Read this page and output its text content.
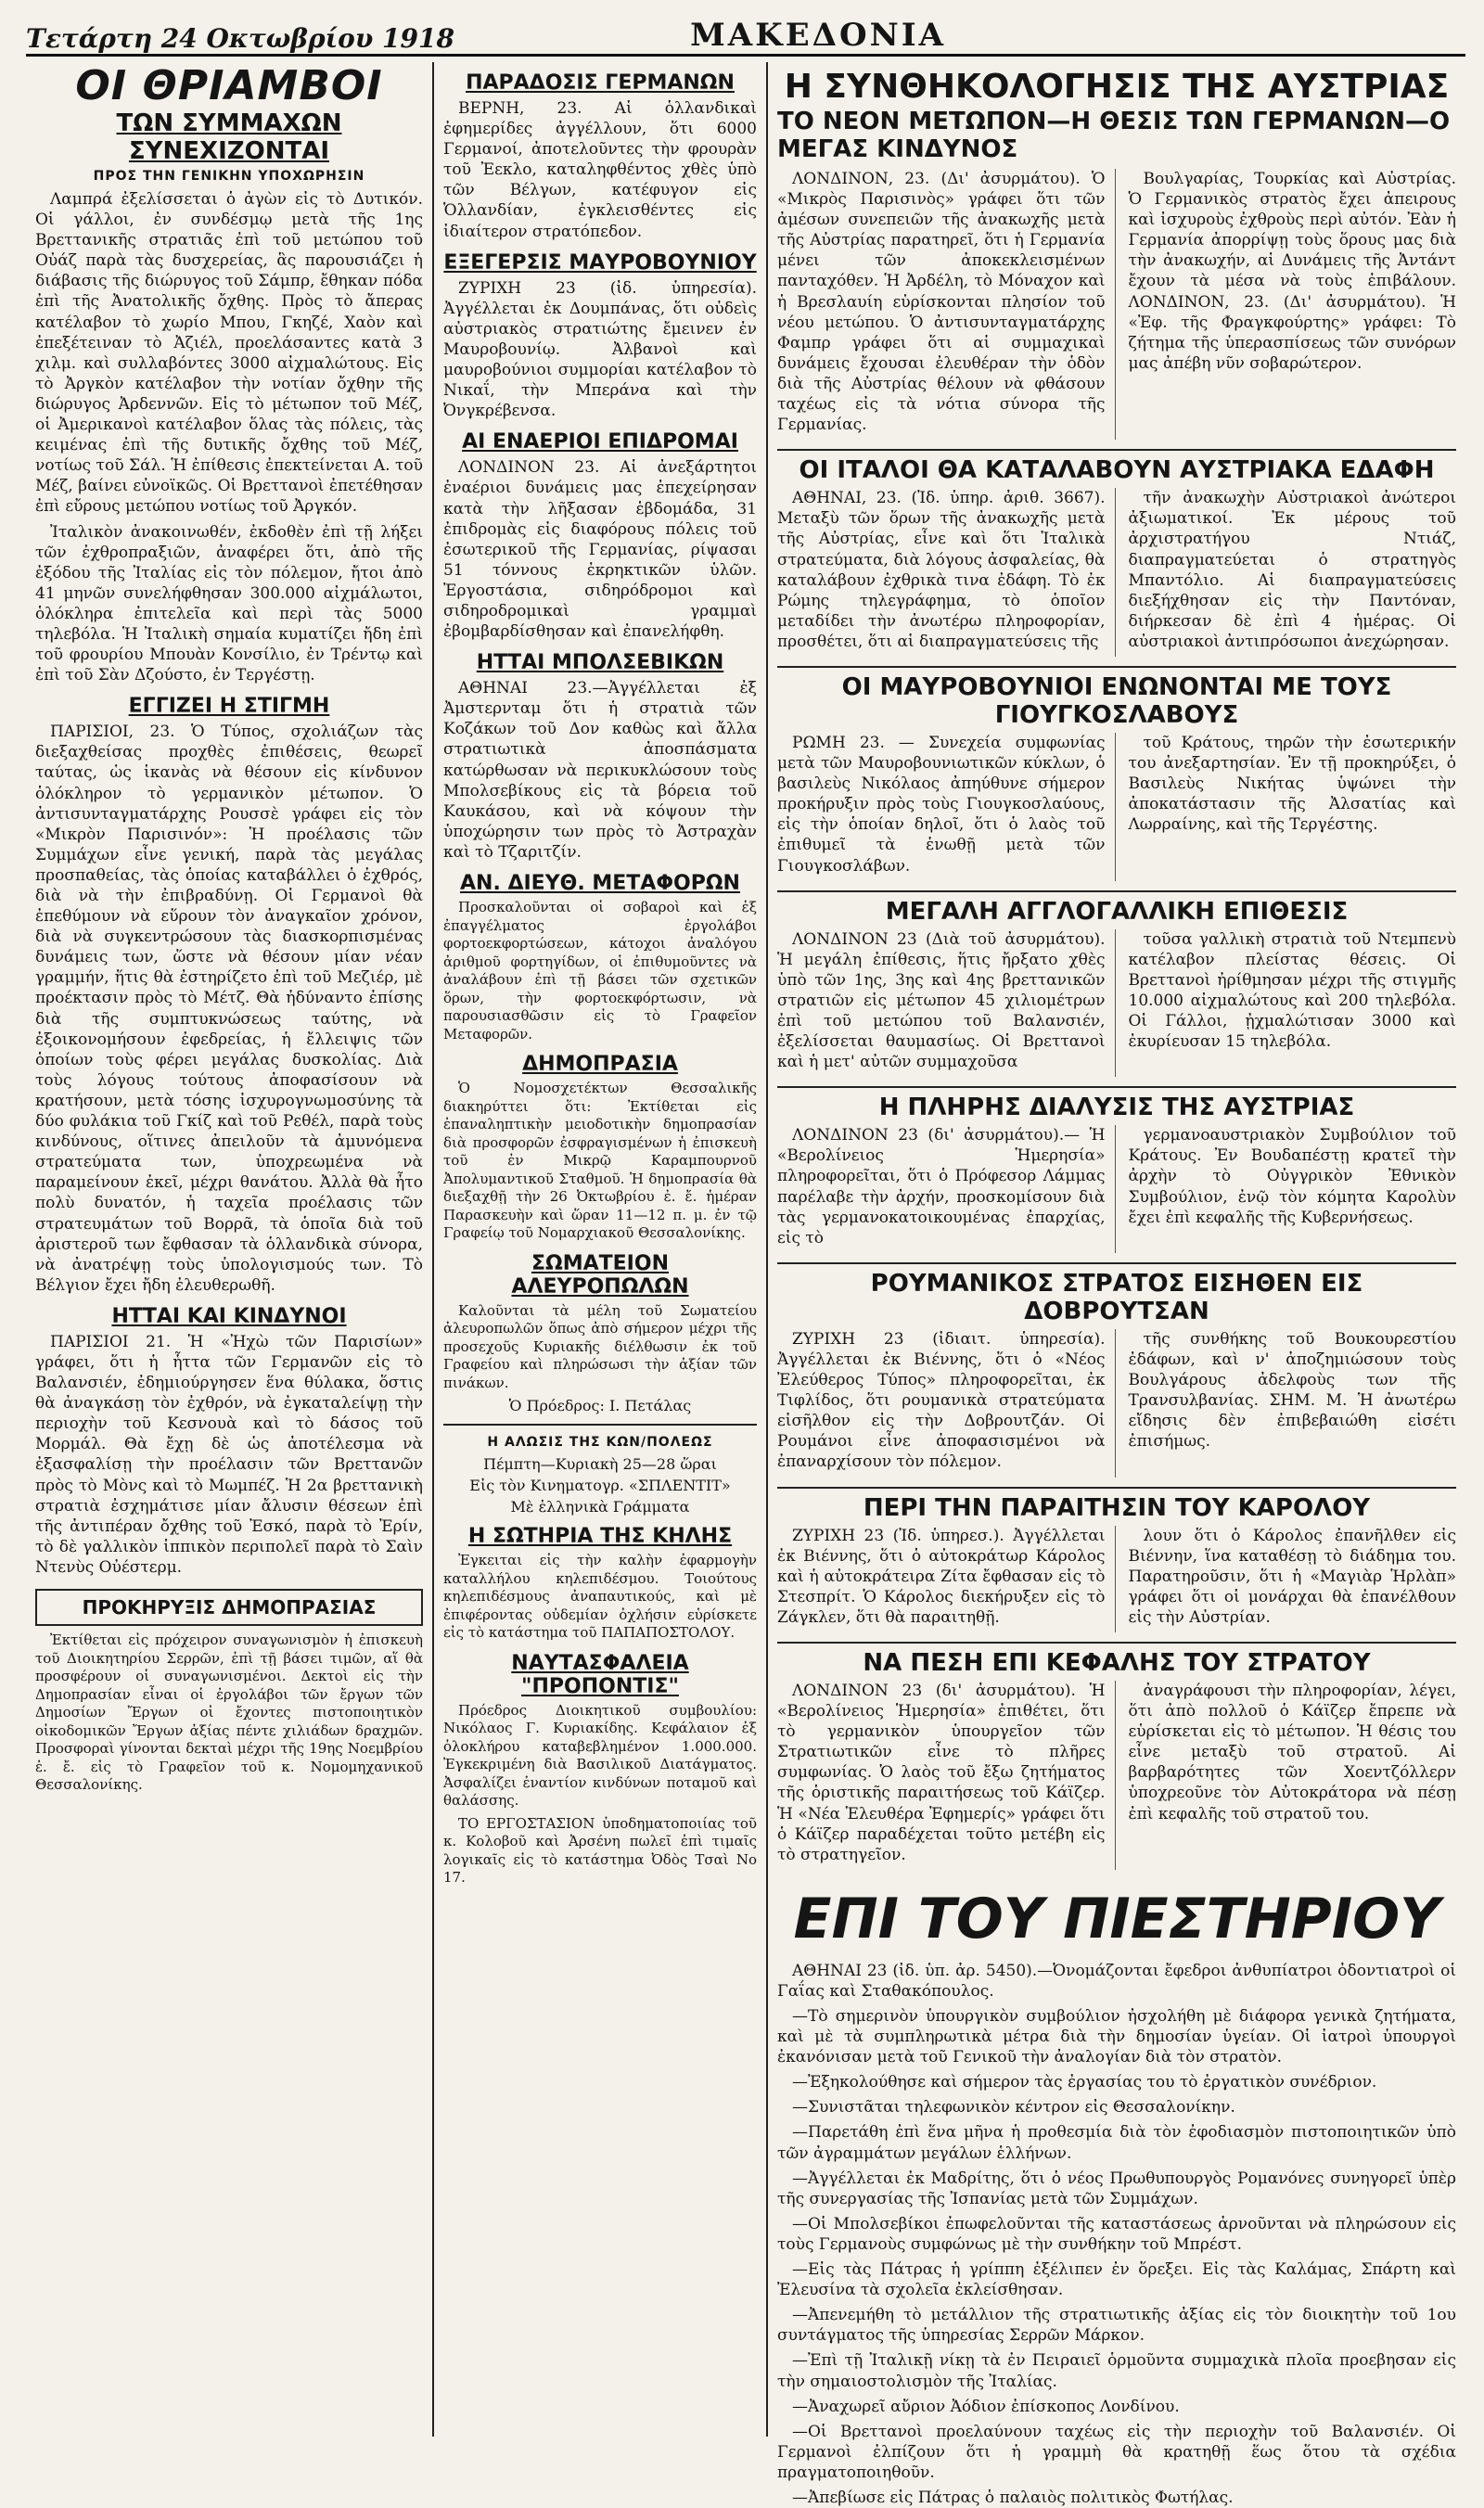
Τετάρτη 24 Οκτωβρίου 1918	ΜΑΚΕΔΟΝΙΑ
ΟΙ ΘΡΙΑΜΒΟΙ
ΤΩΝ ΣΥΜΜΑΧΩΝ ΣΥΝΕΧΙΖΟΝΤΑΙ
ΠΡΟΣ ΤΗΝ ΓΕΝΙΚΗΝ ΥΠΟΧΩΡΗΣΙΝ

Λαμπρά ἐξελίσσεται ὁ ἀγὼν εἰς τὸ Δυτικόν. Οἱ γάλλοι, ἐν συνδέσμῳ μετὰ τῆς 1ης Βρεττανικῆς στρατιᾶς ἐπὶ τοῦ μετώπου τοῦ Οὐάζ παρὰ τὰς δυσχερείας, ἃς παρουσιάζει ἡ διάβασις τῆς διώρυγος τοῦ Σάμπρ, ἔθηκαν πόδα ἐπὶ τῆς Ἀνατολικῆς ὄχθης. Πρὸς τὸ ἄπερας κατέλαβον τὸ χωρίο Μπου, Γκηζέ, Χαὸν καὶ ἐπεξέτειναν τὸ Ἀζιέλ, προελάσαντες κατὰ 3 χιλμ. καὶ συλλαβόντες 3000 αἰχμαλώτους. Εἰς τὸ Ἀργκὸν κατέλαβον τὴν νοτίαν ὄχθην τῆς διώρυγος Ἀρδεννῶν. Εἰς τὸ μέτωπον τοῦ Μέζ, οἱ Ἀμερικανοὶ κατέλαβον ὅλας τὰς πόλεις, τὰς κειμένας ἐπὶ τῆς δυτικῆς ὄχθης τοῦ Μέζ, νοτίως τοῦ Σάλ. Ἡ ἐπίθεσις ἐπεκτείνεται Α. τοῦ Μέζ, βαίνει εὐνοϊκῶς. Οἱ Βρεττανοὶ ἐπετέθησαν ἐπὶ εὔρους μετώπου νοτίως τοῦ Ἀργκόν.

Ἰταλικὸν ἀνακοινωθέν, ἐκδοθὲν ἐπὶ τῇ λήξει τῶν ἐχθροπραξιῶν, ἀναφέρει ὅτι, ἀπὸ τῆς ἐξόδου τῆς Ἰταλίας εἰς τὸν πόλεμον, ἤτοι ἀπὸ 41 μηνῶν συνελήφθησαν 300.000 αἰχμάλωτοι, ὁλόκληρα ἐπιτελεῖα καὶ περὶ τὰς 5000 τηλεβόλα. Ἡ Ἰταλικὴ σημαία κυματίζει ἤδη ἐπὶ τοῦ φρουρίου Μπουὰν Κονσίλιο, ἐν Τρέντῳ καὶ ἐπὶ τοῦ Σὰν Δζούστο, ἐν Τεργέστῃ.

ΕΓΓΙΖΕΙ Η ΣΤΙΓΜΗ

ΠΑΡΙΣΙΟΙ, 23. Ὁ Τύπος, σχολιάζων τὰς διεξαχθείσας προχθὲς ἐπιθέσεις, θεωρεῖ ταύτας, ὡς ἱκανὰς νὰ θέσουν εἰς κίνδυνον ὁλόκληρον τὸ γερμανικὸν μέτωπον. Ὁ ἀντισυνταγματάρχης Ρουσσὲ γράφει εἰς τὸν «Μικρὸν Παρισινόν»: Ἡ προέλασις τῶν Συμμάχων εἶνε γενική, παρὰ τὰς μεγάλας προσπαθείας, τὰς ὁποίας καταβάλλει ὁ ἐχθρός, διὰ νὰ τὴν ἐπιβραδύνῃ. Οἱ Γερμανοὶ θὰ ἐπεθύμουν νὰ εὕρουν τὸν ἀναγκαῖον χρόνον, διὰ νὰ συγκεντρώσουν τὰς διασκορπισμένας δυνάμεις των, ὥστε νὰ θέσουν μίαν νέαν γραμμήν, ἥτις θὰ ἐστηρίζετο ἐπὶ τοῦ Μεζιέρ, μὲ προέκτασιν πρὸς τὸ Μέτζ. Θὰ ἠδύναντο ἐπίσης διὰ τῆς συμπτυκνώσεως ταύτης, νὰ ἐξοικονομήσουν ἐφεδρείας, ἡ ἔλλειψις τῶν ὁποίων τοὺς φέρει μεγάλας δυσκολίας. Διὰ τοὺς λόγους τούτους ἀποφασίσουν νὰ κρατήσουν, μετὰ τόσης ἰσχυρογνωμοσύνης τὰ δύο φυλάκια τοῦ Γκίζ καὶ τοῦ Ρεθέλ, παρὰ τοὺς κινδύνους, οἵτινες ἀπειλοῦν τὰ ἀμυνόμενα στρατεύματα των, ὑποχρεωμένα νὰ παραμείνουν ἐκεῖ, μέχρι θανάτου. Ἀλλὰ θὰ ἦτο πολὺ δυνατόν, ἡ ταχεῖα προέλασις τῶν στρατευμάτων τοῦ Βορρᾶ, τὰ ὁποῖα διὰ τοῦ ἀριστεροῦ των ἔφθασαν τὰ ὁλλανδικὰ σύνορα, νὰ ἀνατρέψῃ τοὺς ὑπολογισμούς των. Τὸ Βέλγιον ἔχει ἤδη ἐλευθερωθῆ.

ΗΤΤΑΙ ΚΑΙ ΚΙΝΔΥΝΟΙ

ΠΑΡΙΣΙΟΙ 21. Ἡ «Ἠχὼ τῶν Παρισίων» γράφει, ὅτι ἡ ἧττα τῶν Γερμανῶν εἰς τὸ Βαλανσιέν, ἐδημιούργησεν ἕνα θύλακα, ὅστις θὰ ἀναγκάσῃ τὸν ἐχθρόν, νὰ ἐγκαταλείψῃ τὴν περιοχὴν τοῦ Κεσνουὰ καὶ τὸ δάσος τοῦ Μορμάλ. Θὰ ἔχῃ δὲ ὡς ἀποτέλεσμα νὰ ἐξασφαλίσῃ τὴν προέλασιν τῶν Βρεττανῶν πρὸς τὸ Μὸνς καὶ τὸ Μωμπέζ. Ἡ 2α βρεττανικὴ στρατιὰ ἐσχημάτισε μίαν ἄλυσιν θέσεων ἐπὶ τῆς ἀντιπέραν ὄχθης τοῦ Ἐσκό, παρὰ τὸ Ἐρίν, τὸ δὲ γαλλικὸν ἱππικὸν περιπολεῖ παρὰ τὸ Σαὶν Ντενὺς Οὐέστερμ.

ΠΡΟΚΗΡΥΞΙΣ ΔΗΜΟΠΡΑΣΙΑΣ

Ἐκτίθεται εἰς πρόχειρον συναγωνισμὸν ἡ ἐπισκευὴ τοῦ Διοικητηρίου Σερρῶν, ἐπὶ τῇ βάσει τιμῶν, αἵ θὰ προσφέρουν οἱ συναγωνισμένοι. Δεκτοὶ εἰς τὴν Δημοπρασίαν εἶναι οἱ ἐργολάβοι τῶν ἔργων τῶν Δημοσίων Ἔργων οἱ ἔχοντες πιστοποιητικὸν οἰκοδομικῶν Ἔργων ἀξίας πέντε χιλιάδων δραχμῶν. Προσφοραὶ γίνονται δεκταὶ μέχρι τῆς 19ης Νοεμβρίου ἐ. ἔ. εἰς τὸ Γραφεῖον τοῦ κ. Νομομηχανικοῦ Θεσσαλονίκης.

ΠΑΡΑΔΟΣΙΣ ΓΕΡΜΑΝΩΝ

ΒΕΡΝΗ, 23. Αἱ ὁλλανδικαὶ ἐφημερίδες ἀγγέλλουν, ὅτι 6000 Γερμανοί, ἀποτελοῦντες τὴν φρουρὰν τοῦ Ἐεκλο, καταληφθέντος χθὲς ὑπὸ τῶν Βέλγων, κατέφυγον εἰς Ὁλλανδίαν, ἐγκλεισθέντες εἰς ἰδιαίτερον στρατόπεδον.

ΕΞΕΓΕΡΣΙΣ ΜΑΥΡΟΒΟΥΝΙΟΥ

ΖΥΡΙΧΗ 23 (ἰδ. ὑπηρεσία). Ἀγγέλλεται ἐκ Δουμπάνας, ὅτι οὐδεὶς αὐστριακὸς στρατιώτης ἔμεινεν ἐν Μαυροβουνίῳ. Ἀλβανοὶ καὶ μαυροβούνιοι συμμορίαι κατέλαβον τὸ Νικαΐ, τὴν Μπεράνα καὶ τὴν Ὀνγκρέβενσα.

ΑΙ ΕΝΑΕΡΙΟΙ ΕΠΙΔΡΟΜΑΙ

ΛΟΝΔΙΝΟΝ 23. Αἱ ἀνεξάρτητοι ἐναέριοι δυνάμεις μας ἐπεχείρησαν κατὰ τὴν λῆξασαν ἑβδομάδα, 31 ἐπιδρομὰς εἰς διαφόρους πόλεις τοῦ ἐσωτερικοῦ τῆς Γερμανίας, ρίψασαι 51 τόννους ἐκρηκτικῶν ὑλῶν. Ἐργοστάσια, σιδηρόδρομοι καὶ σιδηροδρομικαὶ γραμμαὶ ἐβομβαρδίσθησαν καὶ ἐπανελήφθη.

ΗΤΤΑΙ ΜΠΟΛΣΕΒΙΚΩΝ

ΑΘΗΝΑΙ 23.—Ἀγγέλλεται ἐξ Ἀμστερνταμ ὅτι ἡ στρατιὰ τῶν Κοζάκων τοῦ Δον καθὼς καὶ ἄλλα στρατιωτικὰ ἀποσπάσματα κατώρθωσαν νὰ περικυκλώσουν τοὺς Μπολσεβίκους εἰς τὰ βόρεια τοῦ Καυκάσου, καὶ νὰ κόψουν τὴν ὑποχώρησιν των πρὸς τὸ Ἀστραχὰν καὶ τὸ Τζαριτζίν.

ΑΝ. ΔΙΕΥΘ. ΜΕΤΑΦΟΡΩΝ

Προσκαλοῦνται οἱ σοβαροὶ καὶ ἐξ ἐπαγγέλματος ἐργολάβοι φορτοεκφορτώσεων, κάτοχοι ἀναλόγου ἀριθμοῦ φορτηγίδων, οἱ ἐπιθυμοῦντες νὰ ἀναλάβουν ἐπὶ τῇ βάσει τῶν σχετικῶν ὅρων, τὴν φορτοεκφόρτωσιν, νὰ παρουσιασθῶσιν εἰς τὸ Γραφεῖον Μεταφορῶν.

ΔΗΜΟΠΡΑΣΙΑ

Ὁ Νομοσχετέκτων Θεσσαλικῆς διακηρύττει ὅτι: Ἐκτίθεται εἰς ἐπαναληπτικὴν μειοδοτικὴν δημοπρασίαν διὰ προσφορῶν ἐσφραγισμένων ἡ ἐπισκευὴ τοῦ ἐν Μικρῷ Καραμπουρνοῦ Ἀπολυμαντικοῦ Σταθμοῦ. Ἡ δημοπρασία θὰ διεξαχθῇ τὴν 26 Ὀκτωβρίου ἐ. ἔ. ἡμέραν Παρασκευὴν καὶ ὥραν 11—12 π. μ. ἐν τῷ Γραφείῳ τοῦ Νομαρχιακοῦ Θεσσαλονίκης.

ΣΩΜΑΤΕΙΟΝ ΑΛΕΥΡΟΠΩΛΩΝ

Καλοῦνται τὰ μέλη τοῦ Σωματείου ἀλευροπωλῶν ὅπως ἀπὸ σήμερον μέχρι τῆς προσεχοῦς Κυριακῆς διέλθωσιν ἐκ τοῦ Γραφείου καὶ πληρώσωσι τὴν ἀξίαν τῶν πινάκων.

Ὁ Πρόεδρος: Ι. Πετάλας
Η ΑΛΩΣΙΣ ΤΗΣ ΚΩΝ/ΠΟΛΕΩΣ
Πέμπτη—Κυριακὴ 25—28 ὥραι
Εἰς τὸν Κινηματογρ. «ΣΠΛΕΝΤΙΤ»
Μὲ ἑλληνικὰ Γράμματα
Η ΣΩΤΗΡΙΑ ΤΗΣ ΚΗΛΗΣ

Ἐγκειται εἰς τὴν καλὴν ἐφαρμογὴν καταλλήλου κηλεπιδέσμου. Τοιούτους κηλεπιδέσμους ἀναπαυτικούς, καὶ μὲ ἐπιφέροντας οὐδεμίαν ὀχλήσιν εὑρίσκετε εἰς τὸ κατάστημα τοῦ ΠΑΠΑΠΟΣΤΟΛΟΥ.

ΝΑΥΤΑΣΦΑΛΕΙΑ "ΠΡΟΠΟΝΤΙΣ"

Πρόεδρος Διοικητικοῦ συμβουλίου: Νικόλαος Γ. Κυριακίδης. Κεφάλαιον ἐξ ὁλοκλήρου καταβεβλημένον 1.000.000. Ἐγκεκριμένη διὰ Βασιλικοῦ Διατάγματος. Ἀσφαλίζει ἐναντίον κινδύνων ποταμοῦ καὶ θαλάσσης.

ΤΟ ΕΡΓΟΣΤΑΣΙΟΝ ὑποδηματοποιίας τοῦ κ. Κολοβοῦ καὶ Ἀρσένη πωλεῖ ἐπὶ τιμαῖς λογικαῖς εἰς τὸ κατάστημα Ὀδὸς Τσαὶ Νο 17.

Η ΣΥΝΘΗΚΟΛΟΓΗΣΙΣ ΤΗΣ ΑΥΣΤΡΙΑΣ
ΤΟ ΝΕΟΝ ΜΕΤΩΠΟΝ—Η ΘΕΣΙΣ ΤΩΝ ΓΕΡΜΑΝΩΝ—Ο ΜΕΓΑΣ ΚΙΝΔΥΝΟΣ

ΛΟΝΔΙΝΟΝ, 23. (Δι' ἀσυρμάτου). Ὁ «Μικρὸς Παρισινὸς» γράφει ὅτι τῶν ἀμέσων συνεπειῶν τῆς ἀνακωχῆς μετὰ τῆς Αὐστρίας παρατηρεῖ, ὅτι ἡ Γερμανία μένει τῶν ἀποκεκλεισμένων πανταχόθεν. Ἡ Ἀρδέλη, τὸ Μόναχον καὶ ἡ Βρεσλαυίη εὑρίσκονται πλησίον τοῦ νέου μετώπου. Ὁ ἀντισυνταγματάρχης Φαμπρ γράφει ὅτι αἱ συμμαχικαὶ δυνάμεις ἔχουσαι ἐλευθέραν τὴν ὁδὸν διὰ τῆς Αὐστρίας θέλουν νὰ φθάσουν ταχέως εἰς τὰ νότια σύνορα τῆς Γερμανίας.

Βουλγαρίας, Τουρκίας καὶ Αὐστρίας. Ὁ Γερμανικὸς στρατὸς ἔχει ἀπειρους καὶ ἰσχυροὺς ἐχθροὺς περὶ αὐτόν. Ἐὰν ἡ Γερμανία ἀπορρίψῃ τοὺς ὅρους μας διὰ τὴν ἀνακωχήν, αἱ Δυνάμεις τῆς Ἀντάντ ἔχουν τὰ μέσα νὰ τοὺς ἐπιβάλουν. ΛΟΝΔΙΝΟΝ, 23. (Δι' ἀσυρμάτου). Ἡ «Ἐφ. τῆς Φραγκφούρτης» γράφει: Τὸ ζήτημα τῆς ὑπερασπίσεως τῶν συνόρων μας ἀπέβη νῦν σοβαρώτερον.

ΟΙ ΙΤΑΛΟΙ ΘΑ ΚΑΤΑΛΑΒΟΥΝ ΑΥΣΤΡΙΑΚΑ ΕΔΑΦΗ

ΑΘΗΝΑΙ, 23. (Ἰδ. ὑπηρ. ἀριθ. 3667). Μεταξὺ τῶν ὅρων τῆς ἀνακωχῆς μετὰ τῆς Αὐστρίας, εἶνε καὶ ὅτι Ἰταλικὰ στρατεύματα, διὰ λόγους ἀσφαλείας, θὰ καταλάβουν ἐχθρικὰ τινα ἐδάφη. Τὸ ἐκ Ρώμης τηλεγράφημα, τὸ ὁποῖον μεταδίδει τὴν ἀνωτέρω πληροφορίαν, προσθέτει, ὅτι αἱ διαπραγματεύσεις τῆς

τῆν ἀνακωχὴν Αὐστριακοὶ ἀνώτεροι ἀξιωματικοί. Ἐκ μέρους τοῦ ἀρχιστρατήγου Ντιάζ, διαπραγματεύεται ὁ στρατηγὸς Μπαντόλιο. Αἱ διαπραγματεύσεις διεξήχθησαν εἰς τὴν Παντόναν, διήρκεσαν δὲ ἐπὶ 4 ἡμέρας. Οἱ αὐστριακοὶ ἀντιπρόσωποι ἀνεχώρησαν.

ΟΙ ΜΑΥΡΟΒΟΥΝΙΟΙ ΕΝΩΝΟΝΤΑΙ ΜΕ ΤΟΥΣ ΓΙΟΥΓΚΟΣΛΑΒΟΥΣ

ΡΩΜΗ 23. — Συνεχεία συμφωνίας μετὰ τῶν Μαυροβουνιωτικῶν κύκλων, ὁ βασιλεὺς Νικόλαος ἀπηύθυνε σήμερον προκήρυξιν πρὸς τοὺς Γιουγκοσλαύους, εἰς τὴν ὁποίαν δηλοῖ, ὅτι ὁ λαὸς τοῦ ἐπιθυμεῖ τὰ ἑνωθῇ μετὰ τῶν Γιουγκοσλάβων.

τοῦ Κράτους, τηρῶν τὴν ἐσωτερικήν του ἀνεξαρτησίαν. Ἐν τῇ προκηρύξει, ὁ Βασιλεὺς Νικήτας ὑψώνει τὴν ἀποκατάστασιν τῆς Ἀλσατίας καὶ Λωρραίνης, καὶ τῆς Τεργέστης.

ΜΕΓΑΛΗ ΑΓΓΛΟΓΑΛΛΙΚΗ ΕΠΙΘΕΣΙΣ

ΛΟΝΔΙΝΟΝ 23 (Διὰ τοῦ ἀσυρμάτου). Ἡ μεγάλη ἐπίθεσις, ἥτις ἤρξατο χθὲς ὑπὸ τῶν 1ης, 3ης καὶ 4ης βρεττανικῶν στρατιῶν εἰς μέτωπον 45 χιλιομέτρων ἐπὶ τοῦ μετώπου τοῦ Βαλανσιέν, ἐξελίσσεται θαυμασίως. Οἱ Βρεττανοὶ καὶ ἡ μετ' αὐτῶν συμμαχοῦσα

τοῦσα γαλλικὴ στρατιὰ τοῦ Ντεμπενὺ κατέλαβον πλείστας θέσεις. Οἱ Βρεττανοὶ ἠρίθμησαν μέχρι τῆς στιγμῆς 10.000 αἰχμαλώτους καὶ 200 τηλεβόλα. Οἱ Γάλλοι, ᾐχμαλώτισαν 3000 καὶ ἐκυρίευσαν 15 τηλεβόλα.

Η ΠΛΗΡΗΣ ΔΙΑΛΥΣΙΣ ΤΗΣ ΑΥΣΤΡΙΑΣ

ΛΟΝΔΙΝΟΝ 23 (δι' ἀσυρμάτου).— Ἡ «Βερολίνειος Ἡμερησία» πληροφορεῖται, ὅτι ὁ Πρόφεσορ Λάμμας παρέλαβε τὴν ἀρχήν, προσκομίσουν διὰ τὰς γερμανοκατοικουμένας ἐπαρχίας, εἰς τὸ

γερμανοαυστριακὸν Συμβούλιον τοῦ Κράτους. Ἐν Βουδαπέστῃ κρατεῖ τὴν ἀρχὴν τὸ Οὐγγρικὸν Ἐθνικὸν Συμβούλιον, ἐνῷ τὸν κόμητα Καρολὺν ἔχει ἐπὶ κεφαλῆς τῆς Κυβερνήσεως.

ΡΟΥΜΑΝΙΚΟΣ ΣΤΡΑΤΟΣ ΕΙΣΗΘΕΝ ΕΙΣ ΔΟΒΡΟΥΤΣΑΝ

ΖΥΡΙΧΗ 23 (ἰδιαιτ. ὑπηρεσία). Ἀγγέλλεται ἐκ Βιέννης, ὅτι ὁ «Νέος Ἐλεύθερος Τύπος» πληροφορεῖται, ἐκ Τιφλίδος, ὅτι ρουμανικὰ στρατεύματα εἰσῆλθον εἰς τὴν Δοβρουτζάν. Οἱ Ρουμάνοι εἶνε ἀποφασισμένοι νὰ ἐπαναρχίσουν τὸν πόλεμον.

τῆς συνθήκης τοῦ Βουκουρεστίου ἐδάφων, καὶ ν' ἀποζημιώσουν τοὺς Βουλγάρους ἀδελφοὺς των τῆς Τρανσυλβανίας. ΣΗΜ. Μ. Ἡ ἀνωτέρω εἴδησις δὲν ἐπιβεβαιώθη εἰσέτι ἐπισήμως.

ΠΕΡΙ ΤΗΝ ΠΑΡΑΙΤΗΣΙΝ ΤΟΥ ΚΑΡΟΛΟΥ

ΖΥΡΙΧΗ 23 (Ἰδ. ὑπηρεσ.). Ἀγγέλλεται ἐκ Βιέννης, ὅτι ὁ αὐτοκράτωρ Κάρολος καὶ ἡ αὐτοκράτειρα Ζίτα ἔφθασαν εἰς τὸ Στεσπρίτ. Ὁ Κάρολος διεκήρυξεν εἰς τὸ Ζάγκλεν, ὅτι θὰ παραιτηθῇ.

λουν ὅτι ὁ Κάρολος ἐπανῆλθεν εἰς Βιέννην, ἵνα καταθέσῃ τὸ διάδημα του. Παρατηροῦσιν, ὅτι ἡ «Μαγιὰρ Ἡρλὰπ» γράφει ὅτι οἱ μονάρχαι θὰ ἐπανέλθουν εἰς τὴν Αὐστρίαν.

ΝΑ ΠΕΣΗ ΕΠΙ ΚΕΦΑΛΗΣ ΤΟΥ ΣΤΡΑΤΟΥ

ΛΟΝΔΙΝΟΝ 23 (δι' ἀσυρμάτου). Ἡ «Βερολίνειος Ἡμερησία» ἐπιθέτει, ὅτι τὸ γερμανικὸν ὑπουργεῖον τῶν Στρατιωτικῶν εἶνε τὸ πλῆρες συμφωνίας. Ὁ λαὸς τοῦ ἔξω ζητήματος τῆς ὁριστικῆς παραιτήσεως τοῦ Κάϊζερ. Ἡ «Νέα Ἐλευθέρα Ἐφημερίς» γράφει ὅτι ὁ Κάϊζερ παραδέχεται τοῦτο μετέβη εἰς τὸ στρατηγεῖον.

ἀναγράφουσι τὴν πληροφορίαν, λέγει, ὅτι ἀπὸ πολλοῦ ὁ Κάϊζερ ἔπρεπε νὰ εὑρίσκεται εἰς τὸ μέτωπον. Ἡ θέσις του εἶνε μεταξὺ τοῦ στρατοῦ. Αἱ βαρβαρότητες τῶν Χοεντζόλλερν ὑποχρεοῦνε τὸν Αὐτοκράτορα νὰ πέσῃ ἐπὶ κεφαλῆς τοῦ στρατοῦ του.

ΕΠΙ ΤΟΥ ΠΙΕΣΤΗΡΙΟΥ

ΑΘΗΝΑΙ 23 (ἰδ. ὑπ. ἀρ. 5450).—Ὀνομάζονται ἔφεδροι ἀνθυπίατροι ὀδοντιατροὶ οἱ Γαΐας καὶ Σταθακόπουλος.

—Τὸ σημερινὸν ὑπουργικὸν συμβούλιον ἠσχολήθη μὲ διάφορα γενικὰ ζητήματα, καὶ μὲ τὰ συμπληρωτικὰ μέτρα διὰ τὴν δημοσίαν ὑγείαν. Οἱ ἰατροὶ ὑπουργοὶ ἐκανόνισαν μετὰ τοῦ Γενικοῦ τὴν ἀναλογίαν διὰ τὸν στρατὸν.

—Ἐξηκολούθησε καὶ σήμερον τὰς ἐργασίας του τὸ ἐργατικὸν συνέδριον.

—Συνιστᾶται τηλεφωνικὸν κέντρον εἰς Θεσσαλονίκην.

—Παρετάθη ἐπὶ ἕνα μῆνα ἡ προθεσμία διὰ τὸν ἐφοδιασμὸν πιστοποιητικῶν ὑπὸ τῶν ἀγραμμάτων μεγάλων ἑλλήνων.

—Ἀγγέλλεται ἐκ Μαδρίτης, ὅτι ὁ νέος Πρωθυπουργὸς Ρομανόνες συνηγορεῖ ὑπὲρ τῆς συνεργασίας τῆς Ἰσπανίας μετὰ τῶν Συμμάχων.

—Οἱ Μπολσεβίκοι ἐπωφελοῦνται τῆς καταστάσεως ἀρνοῦνται νὰ πληρώσουν εἰς τοὺς Γερμανοὺς συμφώνως μὲ τὴν συνθήκην τοῦ Μπρέστ.

—Εἰς τὰς Πάτρας ἡ γρίππη ἐξέλιπεν ἐν ὅρεξει. Εἰς τὰς Καλάμας, Σπάρτη καὶ Ἐλευσίνα τὰ σχολεῖα ἐκλείσθησαν.

—Ἀπενεμήθη τὸ μετάλλιον τῆς στρατιωτικῆς ἀξίας εἰς τὸν διοικητὴν τοῦ 1ου συντάγματος τῆς ὑπηρεσίας Σερρῶν Μάρκον.

—Ἐπὶ τῇ Ἰταλικῇ νίκῃ τὰ ἐν Πειραιεῖ ὁρμοῦντα συμμαχικὰ πλοῖα προεβησαν εἰς τὴν σημαιοστολισμὸν τῆς Ἰταλίας.

—Ἀναχωρεῖ αὔριον Ἀόδιον ἐπίσκοπος Λονδίνου.

—Οἱ Βρεττανοὶ προελαύνουν ταχέως εἰς τὴν περιοχὴν τοῦ Βαλανσιέν. Οἱ Γερμανοὶ ἐλπίζουν ὅτι ἡ γραμμὴ θὰ κρατηθῇ ἕως ὅτου τὰ σχέδια πραγματοποιηθοῦν.

—Ἀπεβίωσε εἰς Πάτρας ὁ παλαιὸς πολιτικὸς Φωτήλας.
